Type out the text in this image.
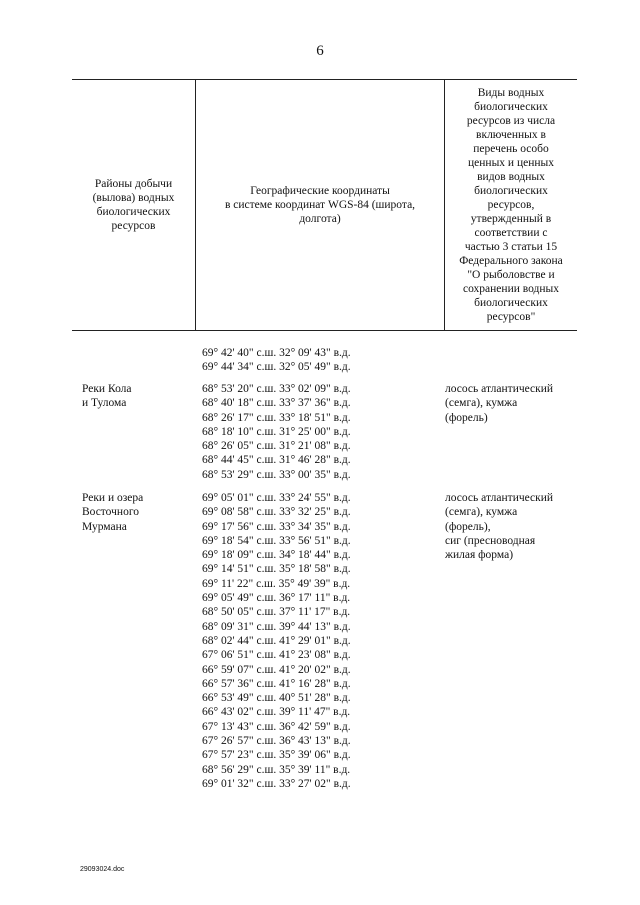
6
Районы добычи
(вылова) водных
биологических
ресурсов
Географические координаты
в системе координат WGS-84 (широта,
долгота)
Виды водных
биологических
ресурсов из числа
включенных в
перечень особо
ценных и ценных
видов водных
биологических
ресурсов,
утвержденный в
соответствии с
частью 3 статьи 15
Федерального закона
"О рыболовстве и
сохранении водных
биологических
ресурсов"
69° 42' 40" с.ш. 32° 09' 43" в.д.
69° 44' 34" с.ш. 32° 05' 49" в.д.
Реки Кола
и Тулома
68° 53' 20" с.ш. 33° 02' 09" в.д.
68° 40' 18" с.ш. 33° 37' 36" в.д.
68° 26' 17" с.ш. 33° 18' 51" в.д.
68° 18' 10" с.ш. 31° 25' 00" в.д.
68° 26' 05" с.ш. 31° 21' 08" в.д.
68° 44' 45" с.ш. 31° 46' 28" в.д.
68° 53' 29" с.ш. 33° 00' 35" в.д.
лосось атлантический
(семга), кумжа
(форель)
Реки и озера
Восточного
Мурмана
69° 05' 01" с.ш. 33° 24' 55" в.д.
69° 08' 58" с.ш. 33° 32' 25" в.д.
69° 17' 56" с.ш. 33° 34' 35" в.д.
69° 18' 54" с.ш. 33° 56' 51" в.д.
69° 18' 09" с.ш. 34° 18' 44" в.д.
69° 14' 51" с.ш. 35° 18' 58" в.д.
69° 11' 22" с.ш. 35° 49' 39" в.д.
69° 05' 49" с.ш. 36° 17' 11" в.д.
68° 50' 05" с.ш. 37° 11' 17" в.д.
68° 09' 31" с.ш. 39° 44' 13" в.д.
68° 02' 44" с.ш. 41° 29' 01" в.д.
67° 06' 51" с.ш. 41° 23' 08" в.д.
66° 59' 07" с.ш. 41° 20' 02" в.д.
66° 57' 36" с.ш. 41° 16' 28" в.д.
66° 53' 49" с.ш. 40° 51' 28" в.д.
66° 43' 02" с.ш. 39° 11' 47" в.д.
67° 13' 43" с.ш. 36° 42' 59" в.д.
67° 26' 57" с.ш. 36° 43' 13" в.д.
67° 57' 23" с.ш. 35° 39' 06" в.д.
68° 56' 29" с.ш. 35° 39' 11" в.д.
69° 01' 32" с.ш. 33° 27' 02" в.д.
лосось атлантический
(семга), кумжа
(форель),
сиг (пресноводная
жилая форма)
29093024.doc
